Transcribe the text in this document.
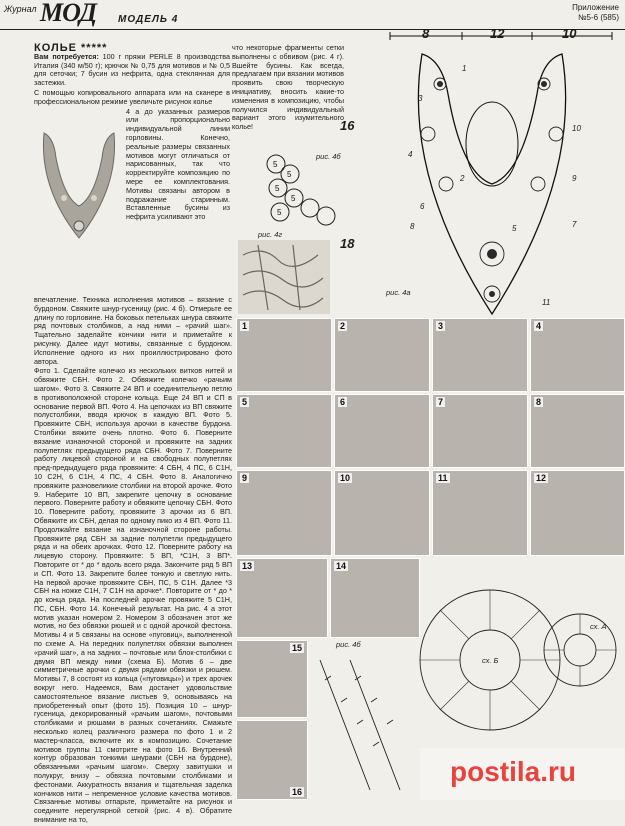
Журнал МОД МОДЕЛЬ 4
Приложение
№5-6 (585)
КОЛЬЕ *****

Вам потребуется: 100 г пряжи PERLE 8 производства Италия (340 м/50 г); крючок № 0,75 для мотивов и № 0,5 для сеточки; 7 бусин из нефрита, одна стеклянная для застежки.

С помощью копировального аппарата или на сканере в профессиональном режиме увеличьте рисунок колье

4 а до указанных размеров или пропорционально индивидуальной линии горловины. Конечно, реальные размеры связанных мотивов могут отличаться от нарисованных, так что корректируйте композицию по мере ее комплектования. Мотивы связаны автором в подражание старинным. Вставленные бусины из нефрита усиливают это

что некоторые фрагменты сетки выполнены с обвивом (рис. 4 г). Вшейте бусины. Как всегда, предлагаем при вязании мотивов проявить свою творческую инициативу, вносить какие-то изменения в композицию, чтобы получился индивидуальный вариант этого изумительного колье!
5
5
5
5
5
рис. 4б
рис. 4г
16
18
8	12	10
рис. 4а
1
2
3
4
5
6
7
8
9
10
11

впечатление. Техника исполнения мотивов – вязание с бурдоном. Свяжите шнур-гусеницу (рис. 4 б). Отмерьте ее длину по горловине. На боковых петельках шнура свяжите ряд почтовых столбиков, а над ними – «рачий шаг». Тщательно заделайте кончики нити и приметайте к рисунку. Далее идут мотивы, связанные с бурдоном. Исполнение одного из них проиллюстрировано фото автора.

Фото 1. Сделайте колечко из нескольких витков нитей и обвяжите СБН. Фото 2. Обвяжите колечко «рачьим шагом». Фото 3. Свяжите 24 ВП и соединительную петлю в противоположной стороне кольца. Еще 24 ВП и СП в основание первой ВП. Фото 4. На цепочках из ВП свяжите полустолбики, вводя крючок в каждую ВП. Фото 5. Провяжите СБН, используя арочки в качестве бурдона. Столбики вяжите очень плотно. Фото 6. Поверните вязание изнаночной стороной и провяжите на задних полупетлях предыдущего ряда СБН. Фото 7. Поверните работу лицевой стороной и на свободных полупетлях пред-предыдущего ряда провяжите: 4 СБН, 4 ПС, 6 С1Н, 10 С2Н, 6 С1Н, 4 ПС, 4 СБН. Фото 8. Аналогично провяжите разновеликие столбики на второй арочке. Фото 9. Наберите 10 ВП, закрепите цепочку в основание первого. Поверните работу и обвяжите цепочку СБН. Фото 10. Поверните работу, провяжите 3 арочки из 6 ВП. Обвяжите их СБН, делая по одному пико из 4 ВП. Фото 11. Продолжайте вязание на изнаночной стороне работы. Провяжите ряд СБН за задние полупетли предыдущего ряда и на обеих арочках. Фото 12. Поверните работу на лицевую сторону. Провяжите: 5 ВП, *С1Н, 3 ВП*. Повторите от * до * вдоль всего ряда. Закончите ряд 5 ВП и СП. Фото 13. Закрепите более тонкую и светлую нить. На первой арочке провяжите СБН, ПС, 5 С1Н. Далее *3 СБН на ножке С1Н, 7 С1Н на арочке*. Повторите от * до * до конца ряда. На последней арочке провяжите 5 С1Н, ПС, СБН. Фото 14. Конечный результат. На рис. 4 а этот мотив указан номером 2. Номером 3 обозначен этот же мотив, но без обвязки рюшей и с одной арочкой фестона. Мотивы 4 и 5 связаны на основе «пуговиц», выполненной по схеме А. На передних полупетлях обвязки выполнен «рачий шаг», а на задних – почтовые или блок-столбики с двумя ВП между ними (схема Б). Мотив 6 – две симметричные арочки с двумя рядами обвязки и рюшем. Мотивы 7, 8 состоят из кольца («пуговицы») и трех арочек вокруг него. Надеемся, Вам достанет удовольствие самостоятельное вязание листьев 9, основываясь на приобретенный опыт (фото 15). Позиция 10 – шнур-гусеница, декорированный «рачьим шагом», почтовыми столбиками и рюшами в разных сочетаниях. Смажьте несколько колец различного размера по фото 1 и 2 мастер-класса, включите их в композицию. Сочетание мотивов группы 11 смотрите на фото 16. Внутренний контур образован тонкими шнурами (СБН на бурдоне), обвязанными «рачьим шагом». Сверху завитушки и полукруг, внизу – обвязка почтовыми столбиками и фестонами. Аккуратность вязания и тщательная заделка кончиков нити – непременное условие качества мотивов. Связанные мотивы отпарьте, приметайте на рисунок и соедините нерегулярной сеткой (рис. 4 в). Обратите внимание на то,

1	2	3	4
5	6	7	8
9	10	11	12
13	14
15
16
рис. 4б
сх. Б
сх. А
postila.ru
